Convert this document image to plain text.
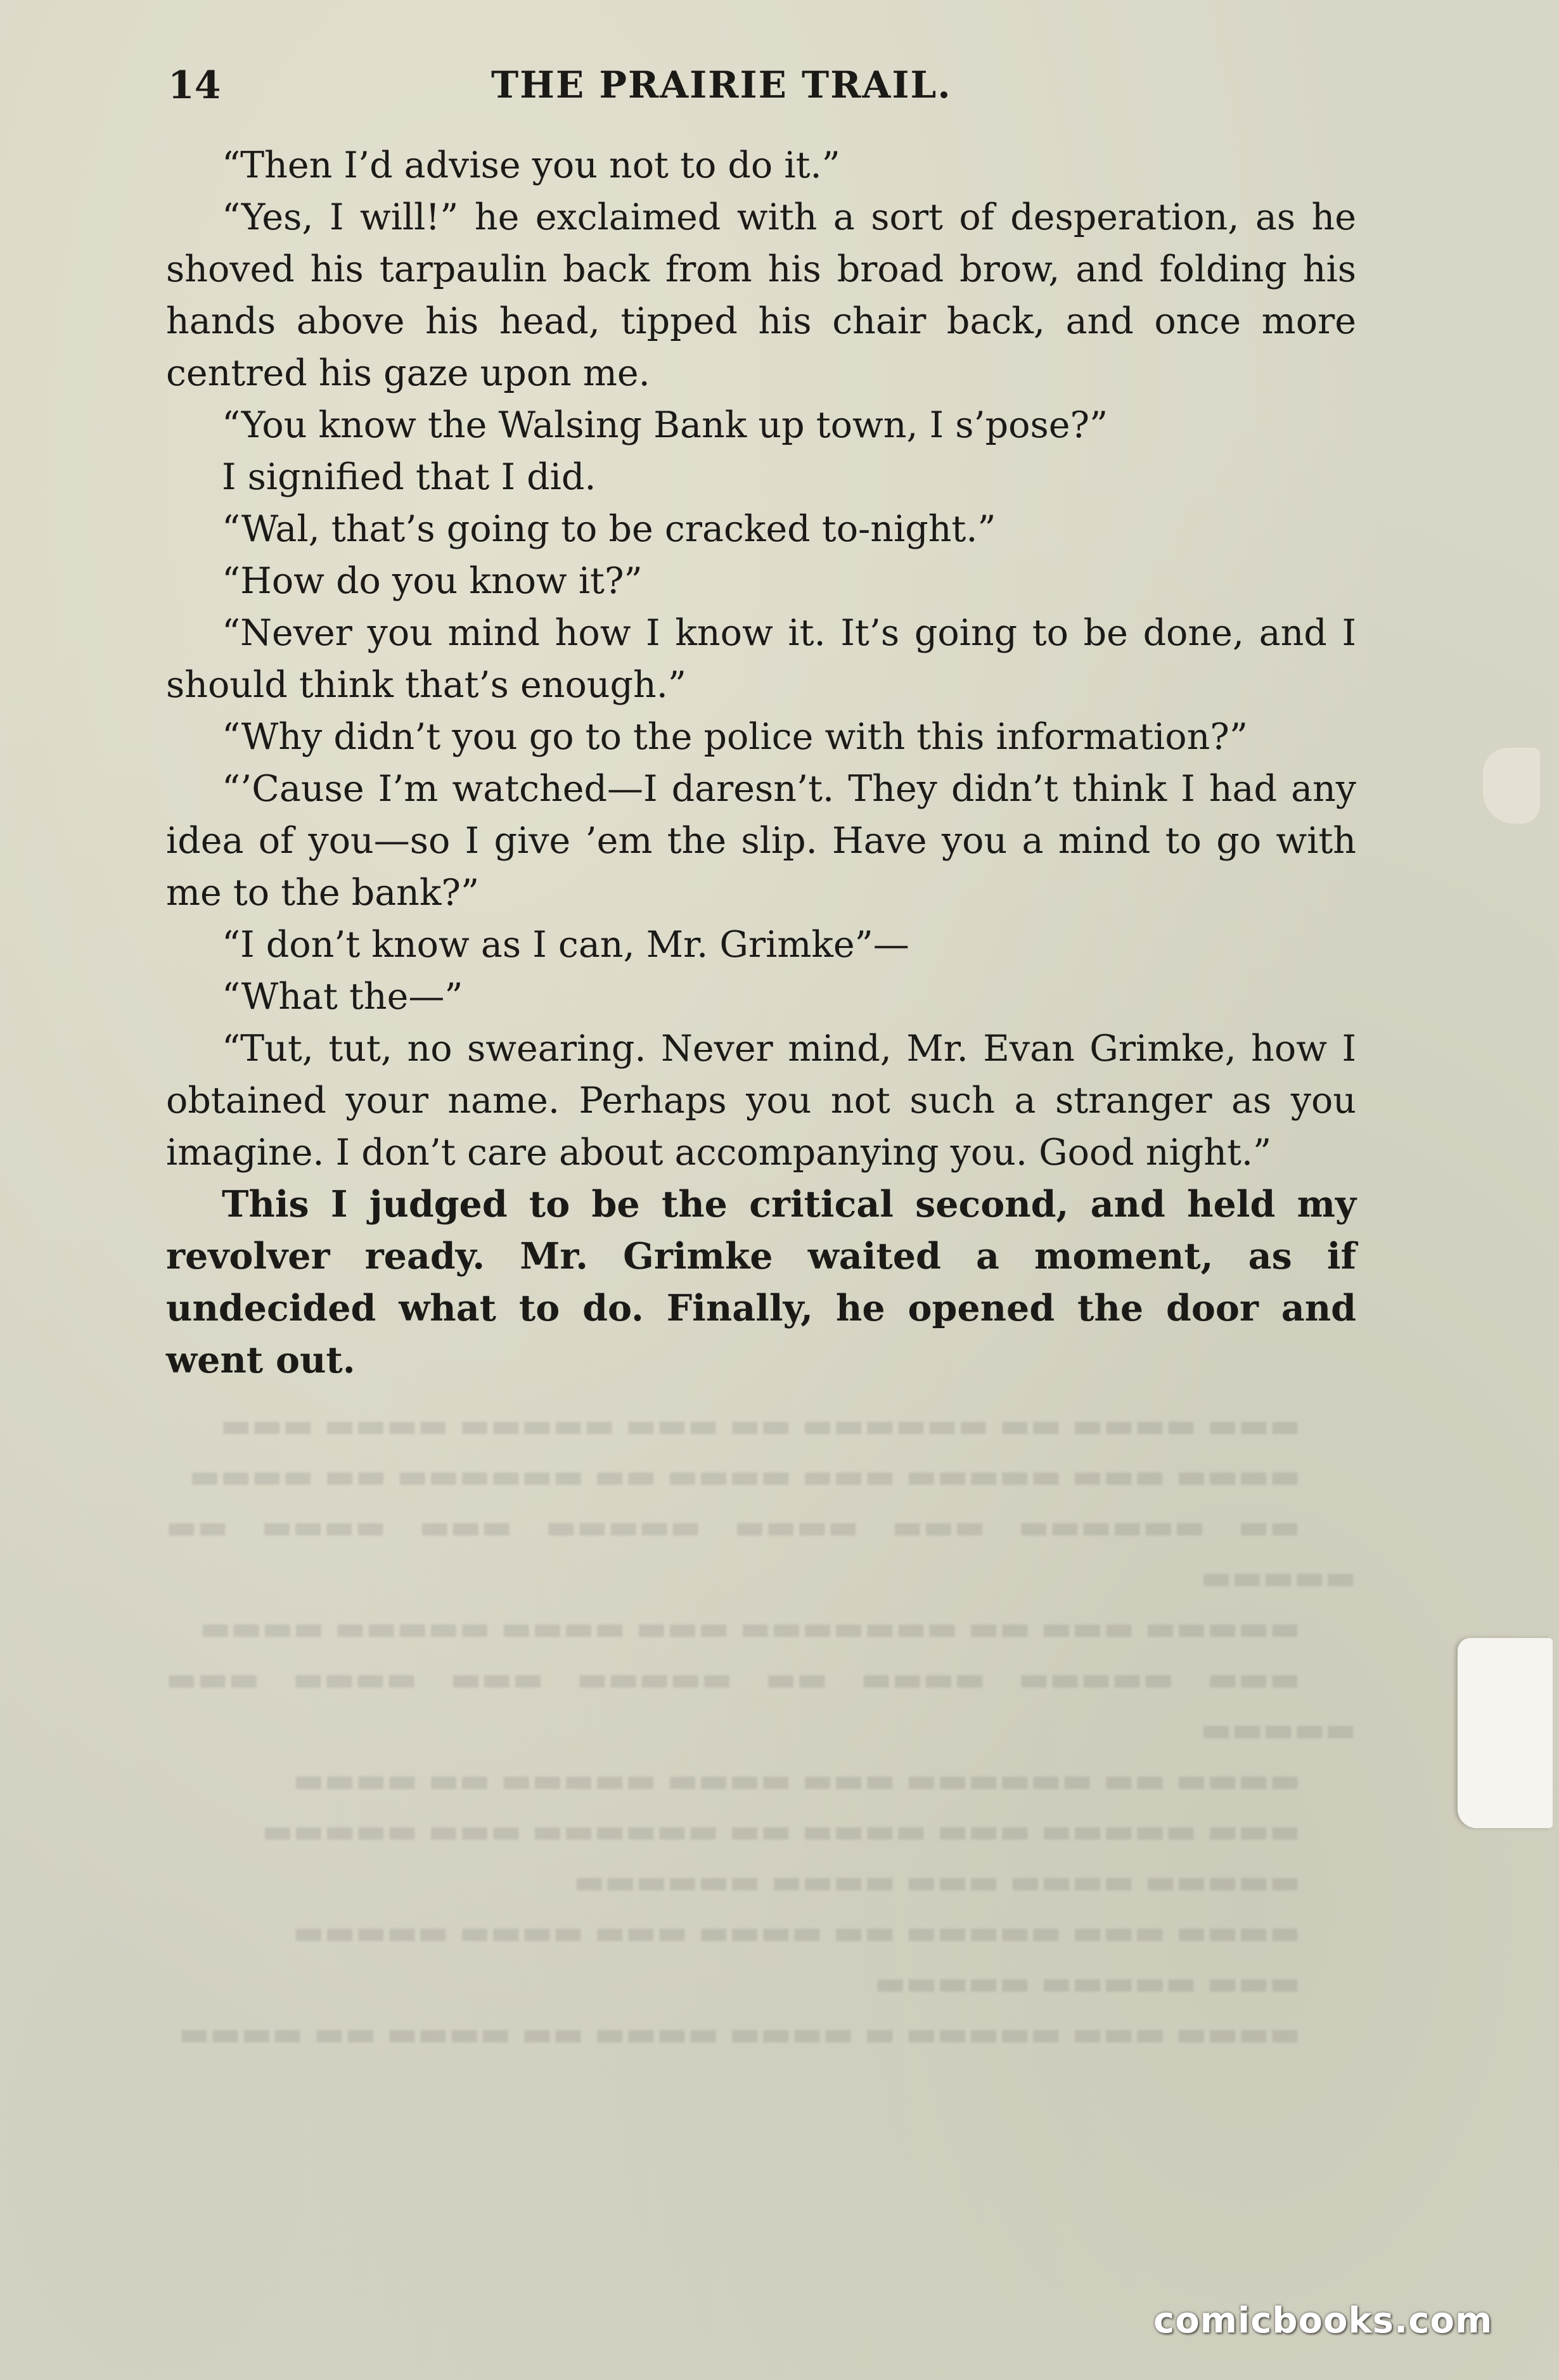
14	THE PRAIRIE TRAIL.

“Then I’d advise you not to do it.”

“Yes, I will!” he exclaimed with a sort of desperation, as he shoved his tarpaulin back from his broad brow, and folding his hands above his head, tipped his chair back, and once more centred his gaze upon me.

“You know the Walsing Bank up town, I s’pose?”

I signified that I did.

“Wal, that’s going to be cracked to-night.”

“How do you know it?”

“Never you mind how I know it. It’s going to be done, and I should think that’s enough.”

“Why didn’t you go to the police with this information?”

“’Cause I’m watched—I daresn’t. They didn’t think I had any idea of you—so I give ’em the slip. Have you a mind to go with me to the bank?”

“I don’t know as I can, Mr. Grimke”—

“What the—”

“Tut, tut, no swearing. Never mind, Mr. Evan Grimke, how I obtained your name. Perhaps you not such a stranger as you imagine. I don’t care about accompanying you. Good night.”

This I judged to be the critical second, and held my revolver ready. Mr. Grimke waited a moment, as if undecided what to do. Finally, he opened the door and went out.

▬▬▬ ▬▬▬▬ ▬▬ ▬▬▬▬▬▬ ▬▬ ▬▬▬ ▬▬▬▬▬ ▬▬▬▬ ▬▬▬

▬▬▬▬ ▬▬▬ ▬▬▬▬▬ ▬▬▬ ▬▬▬▬ ▬▬ ▬▬▬▬▬▬ ▬▬ ▬▬▬▬

▬▬ ▬▬▬▬▬▬ ▬▬▬ ▬▬▬▬ ▬▬▬▬▬ ▬▬▬ ▬▬▬▬ ▬▬ ▬▬▬▬▬

▬▬▬▬▬ ▬▬▬ ▬▬ ▬▬▬▬▬▬▬ ▬▬▬ ▬▬▬▬ ▬▬▬▬▬ ▬▬▬▬

▬▬▬ ▬▬▬▬▬ ▬▬▬▬ ▬▬ ▬▬▬▬▬ ▬▬▬ ▬▬▬▬ ▬▬▬ ▬▬▬▬▬

▬▬▬▬ ▬▬ ▬▬▬▬▬▬ ▬▬▬ ▬▬▬▬ ▬▬▬▬▬ ▬▬ ▬▬▬▬

▬▬▬ ▬▬▬▬▬ ▬▬▬ ▬▬▬▬ ▬▬ ▬▬▬▬▬▬ ▬▬▬ ▬▬▬▬▬

▬▬▬▬▬ ▬▬▬▬ ▬▬▬ ▬▬▬▬ ▬▬▬▬▬▬

▬▬▬▬ ▬▬▬ ▬▬▬▬▬ ▬▬ ▬▬▬▬ ▬▬▬ ▬▬▬▬ ▬▬▬▬▬

▬▬▬ ▬▬▬▬▬ ▬▬▬▬▬

▬▬▬▬ ▬▬▬ ▬▬▬▬▬ ▬ ▬▬▬▬ ▬▬▬▬ ▬▬ ▬▬▬▬ ▬▬ ▬▬▬▬

comicbooks.com
